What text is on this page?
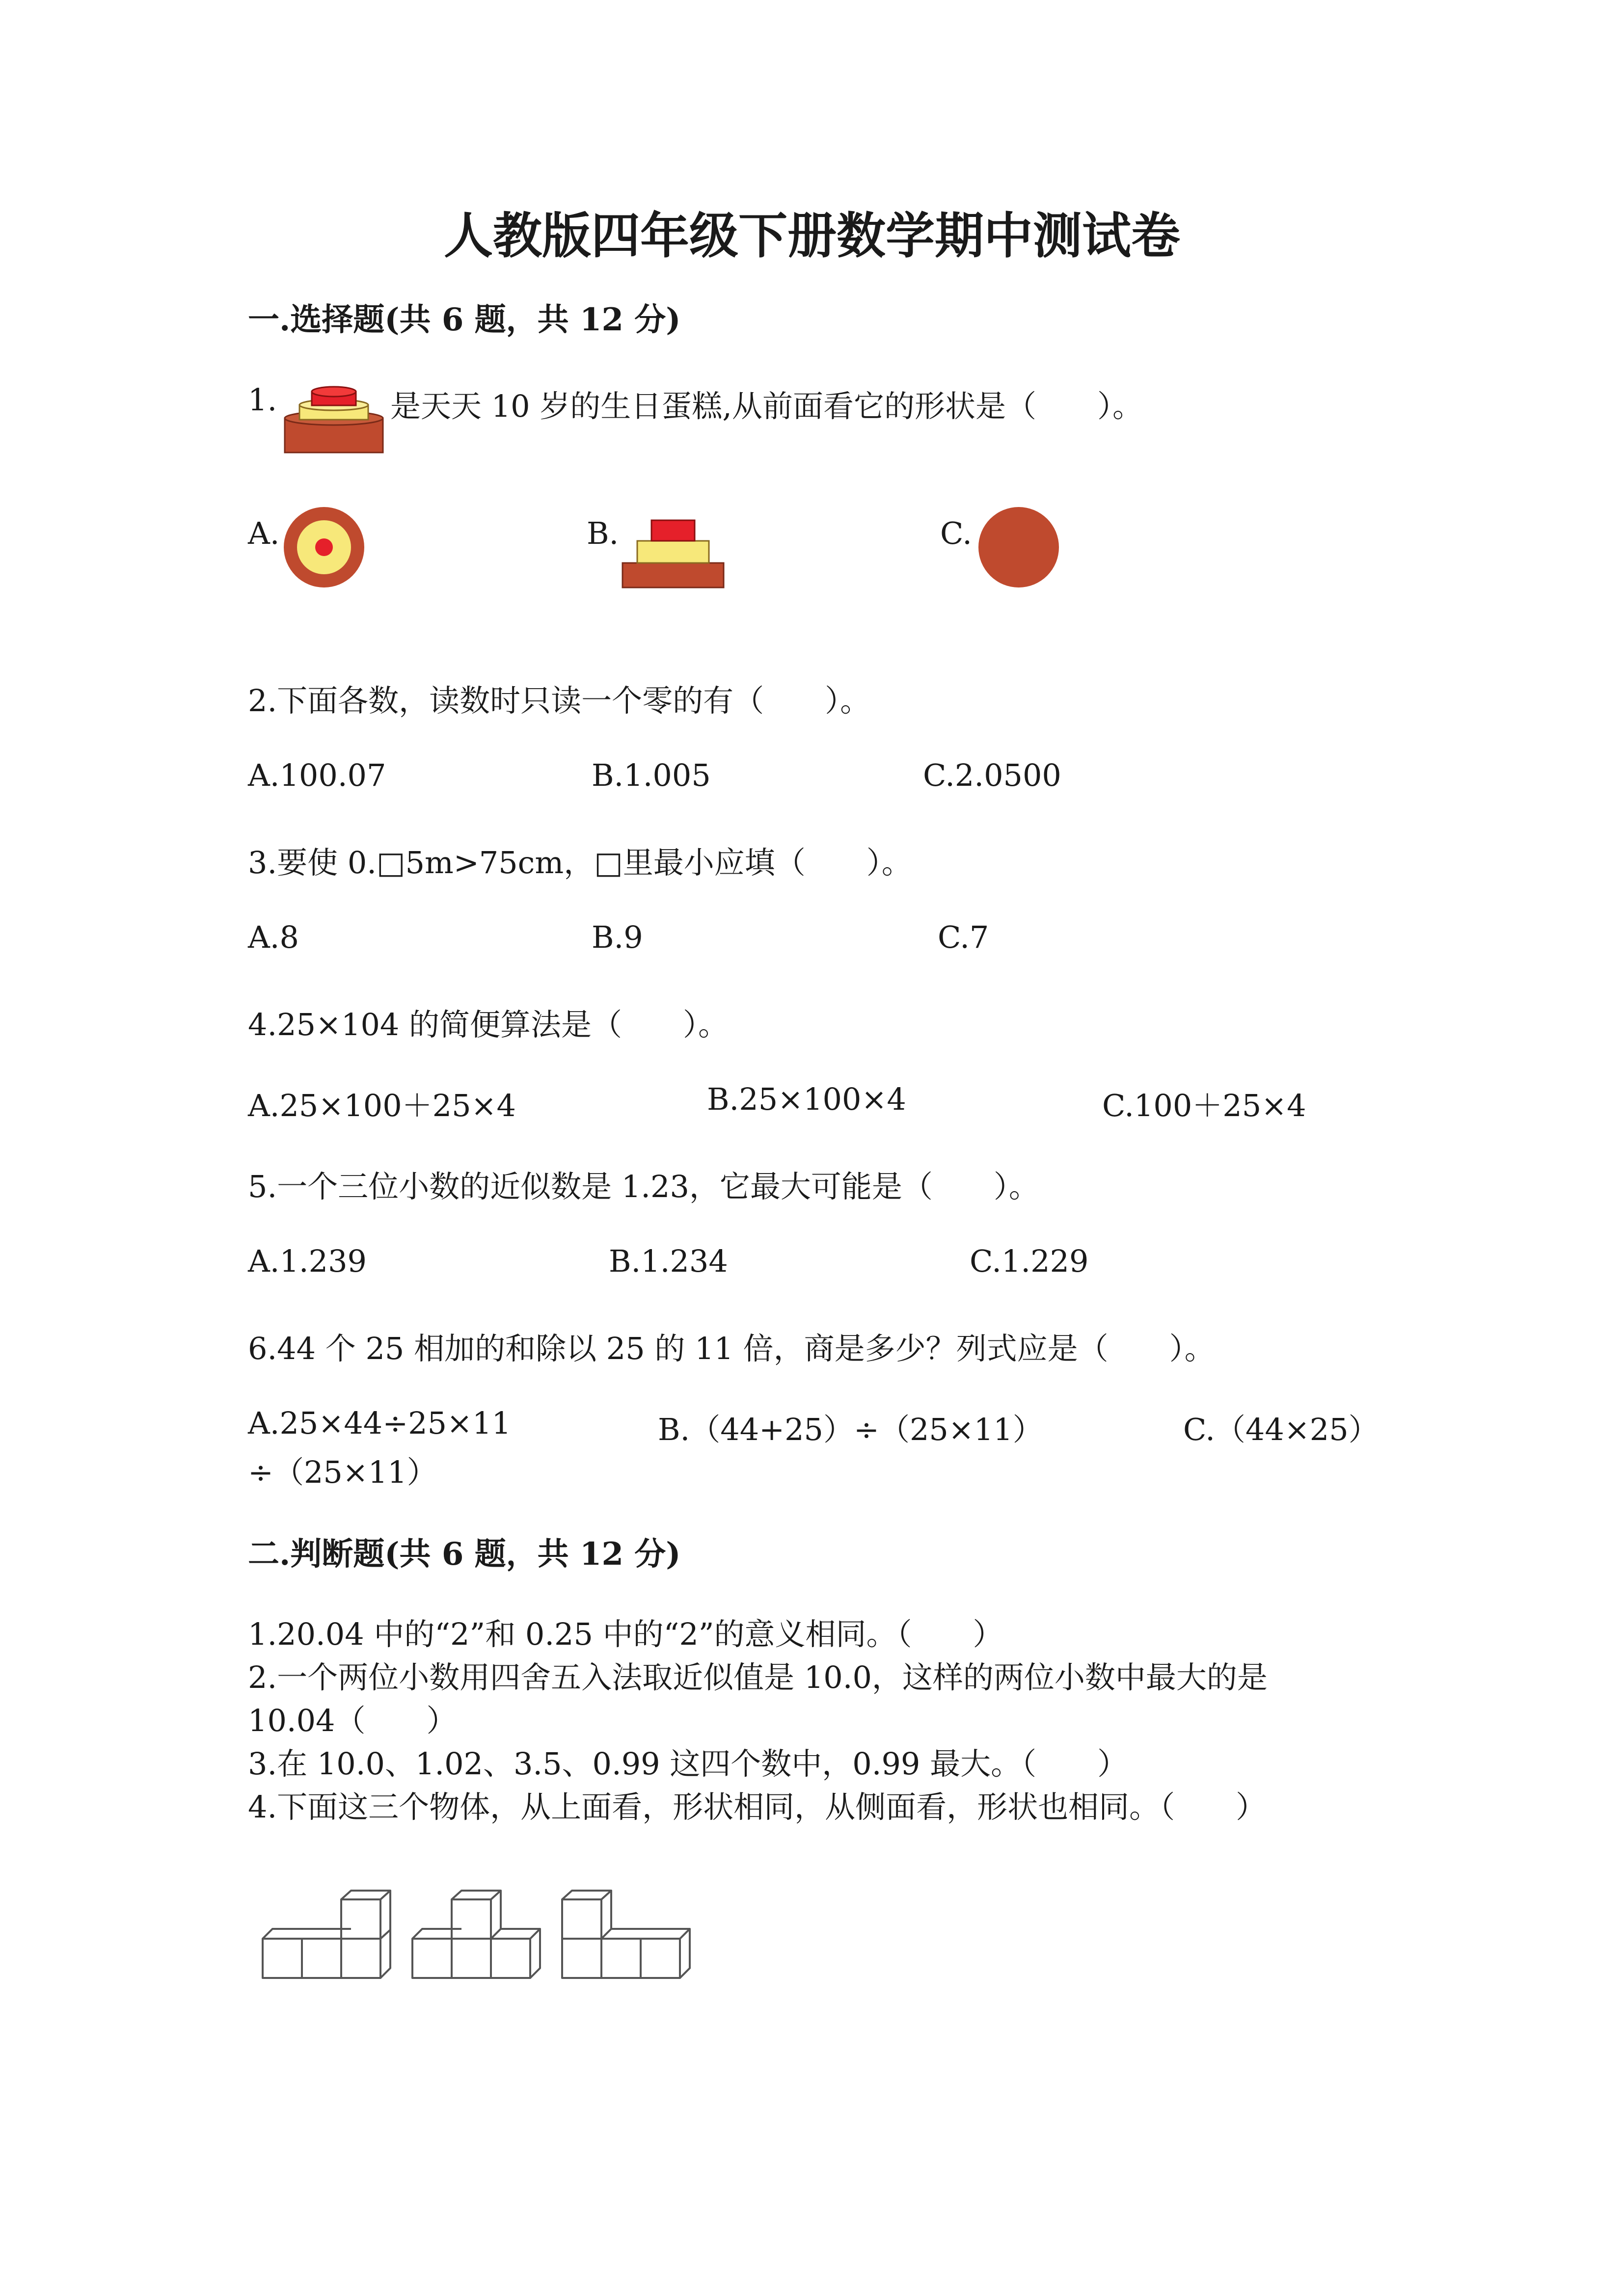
人教版四年级下册数学期中测试卷
一.选择题(共 6 题，共 12 分)
1.	是天天 10 岁的生日蛋糕,从前面看它的形状是（　　）。
A.	B.	C.
2.下面各数，读数时只读一个零的有（　　）。
A.100.07	B.1.005	C.2.0500
3.要使 0.□5m>75cm，□里最小应填（　　）。
A.8	B.9	C.7
4.25×104 的简便算法是（　　）。
A.25×100＋25×4	B.25×100×4	C.100＋25×4
5.一个三位小数的近似数是 1.23，它最大可能是（　　）。
A.1.239	B.1.234	C.1.229
6.44 个 25 相加的和除以 25 的 11 倍，商是多少？列式应是（　　）。
A.25×44÷25×11	B.（44+25）÷（25×11）	C.（44×25）
÷（25×11）
二.判断题(共 6 题，共 12 分)
1.20.04 中的“2”和 0.25 中的“2”的意义相同。（　　）
2.一个两位小数用四舍五入法取近似值是 10.0，这样的两位小数中最大的是
10.04（　　）
3.在 10.0、1.02、3.5、0.99 这四个数中，0.99 最大。（　　）
4.下面这三个物体，从上面看，形状相同，从侧面看，形状也相同。（　　）
